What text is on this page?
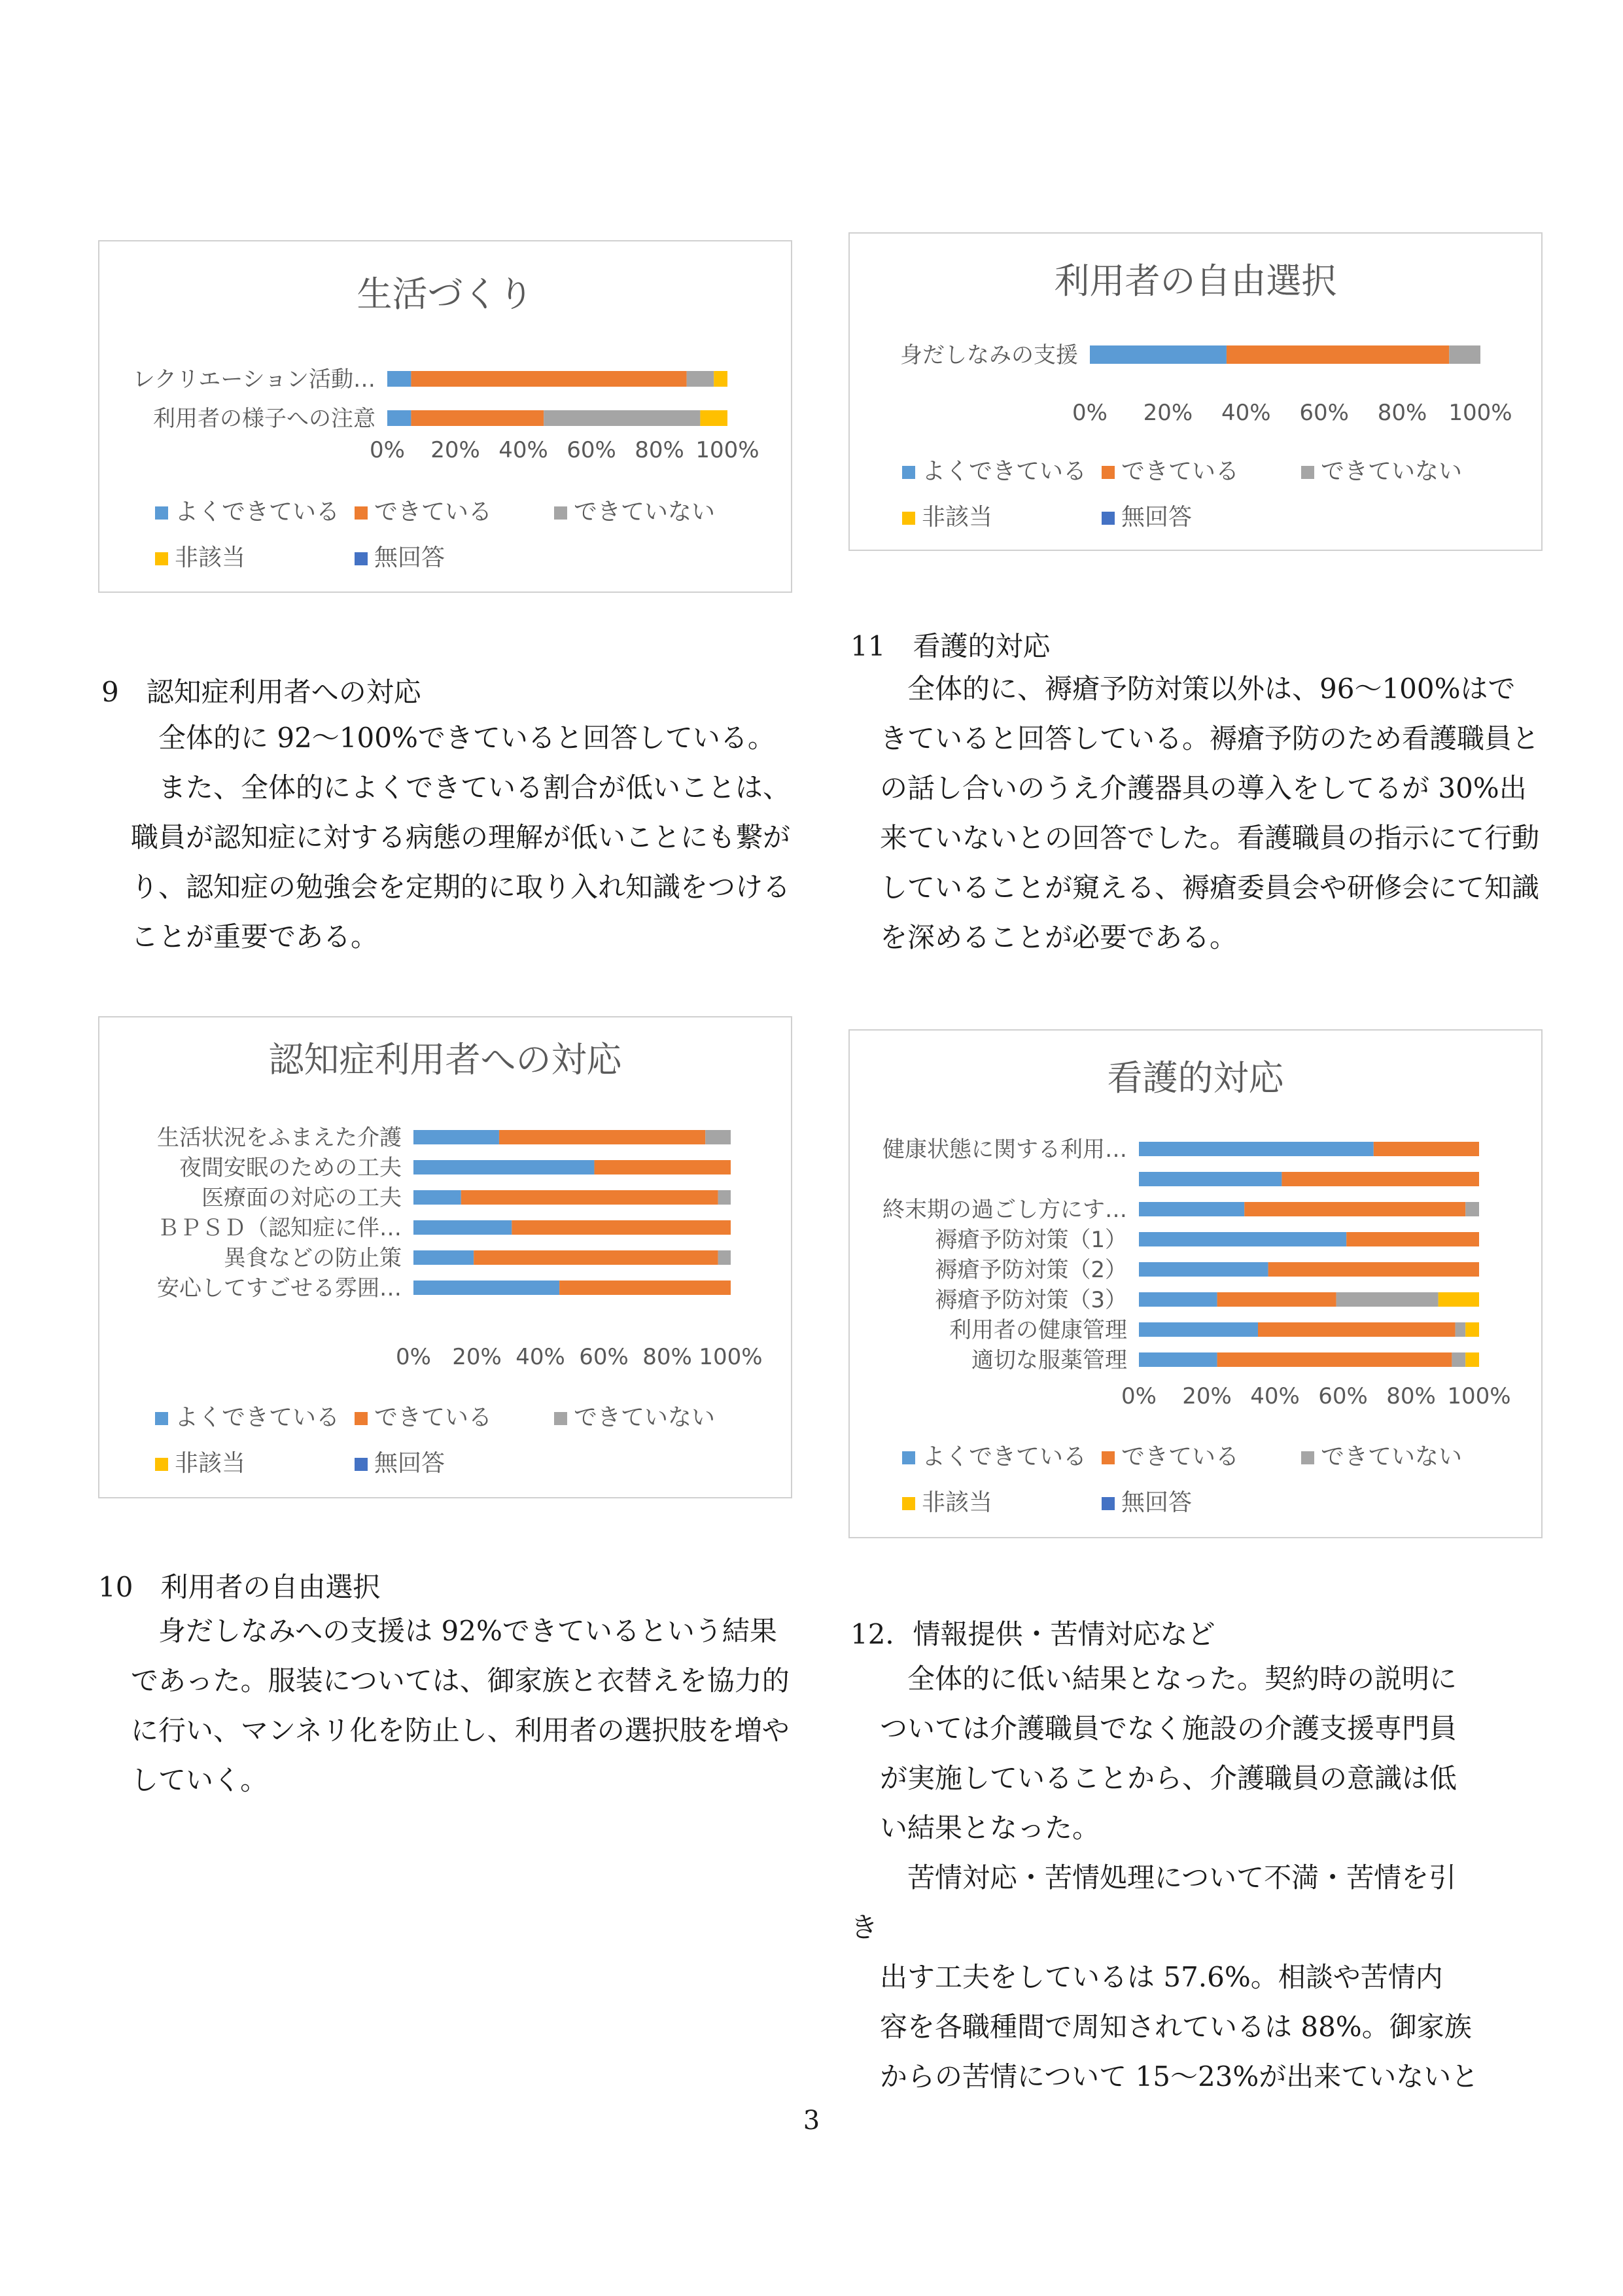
生活づくり
レクリエーション活動…
利用者の様子への注意
0% 20% 40% 60% 80% 100%
よくできている	できている	できていない
非該当	無回答
利用者の自由選択
身だしなみの支援
0% 20% 40% 60% 80% 100%
よくできている	できている	できていない
非該当	無回答
9　認知症利用者への対応

　全体的に 92～100%できていると回答している。

　また、全体的によくできている割合が低いことは、職員が認知症に対する病態の理解が低いことにも繋がり、認知症の勉強会を定期的に取り入れ知識をつけることが重要である。

11　看護的対応

　全体的に、褥瘡予防対策以外は、96～100%はできていると回答している。褥瘡予防のため看護職員との話し合いのうえ介護器具の導入をしてるが 30%出来ていないとの回答でした。看護職員の指示にて行動していることが窺える、褥瘡委員会や研修会にて知識を深めることが必要である。

認知症利用者への対応
生活状況をふまえた介護
夜間安眠のための工夫
医療面の対応の工夫
ＢＰＳＤ（認知症に伴…
異食などの防止策
安心してすごせる雰囲…
0% 20% 40% 60% 80% 100%
よくできている	できている	できていない
非該当	無回答
看護的対応
健康状態に関する利用…
終末期の過ごし方にす…
褥瘡予防対策（1）
褥瘡予防対策（2）
褥瘡予防対策（3）
利用者の健康管理
適切な服薬管理
0% 20% 40% 60% 80% 100%
よくできている	できている	できていない
非該当	無回答
10　利用者の自由選択

　身だしなみへの支援は 92%できているという結果であった。服装については、御家族と衣替えを協力的に行い、マンネリ化を防止し、利用者の選択肢を増やしていく。

12．情報提供・苦情対応など
　全体的に低い結果となった。契約時の説明に
ついては介護職員でなく施設の介護支援専門員
が実施していることから、介護職員の意識は低
い結果となった。
　苦情対応・苦情処理について不満・苦情を引
き
出す工夫をしているは 57.6%。相談や苦情内
容を各職種間で周知されているは 88%。御家族
からの苦情について 15～23%が出来ていないと
3
